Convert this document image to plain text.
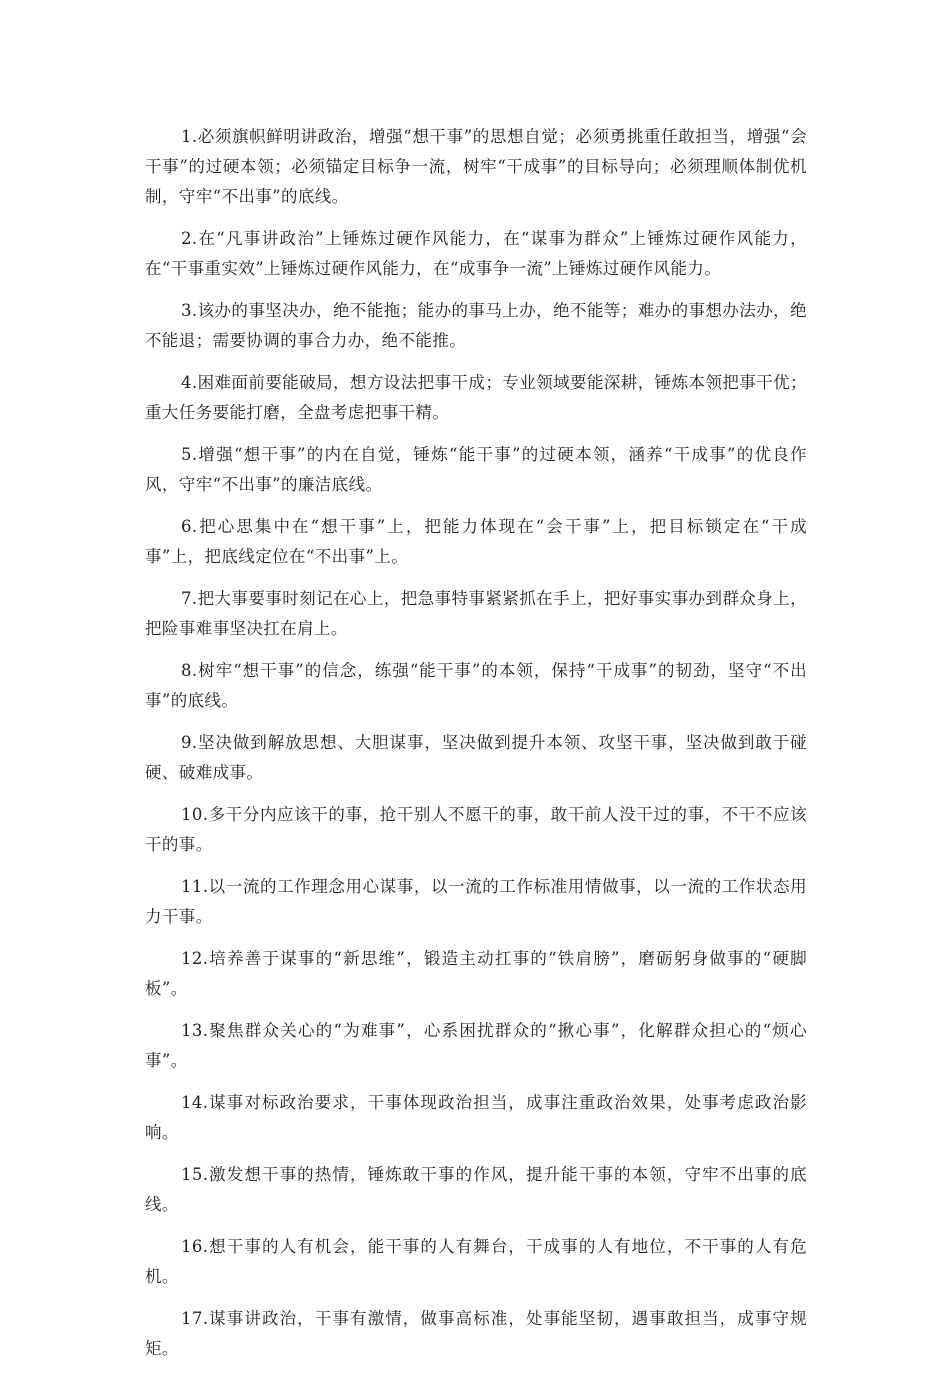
1.必须旗帜鲜明讲政治，增强“想干事”的思想自觉；必须勇挑重任敢担当，增强“会干事”的过硬本领；必须锚定目标争一流，树牢“干成事”的目标导向；必须理顺体制优机制，守牢“不出事”的底线。

2.在“凡事讲政治”上锤炼过硬作风能力，在“谋事为群众”上锤炼过硬作风能力，在“干事重实效”上锤炼过硬作风能力，在“成事争一流”上锤炼过硬作风能力。

3.该办的事坚决办，绝不能拖；能办的事马上办，绝不能等；难办的事想办法办，绝不能退；需要协调的事合力办，绝不能推。

4.困难面前要能破局，想方设法把事干成；专业领域要能深耕，锤炼本领把事干优；重大任务要能打磨，全盘考虑把事干精。

5.增强“想干事”的内在自觉，锤炼“能干事”的过硬本领，涵养“干成事”的优良作风，守牢“不出事”的廉洁底线。

6.把心思集中在“想干事”上，把能力体现在“会干事”上，把目标锁定在“干成事”上，把底线定位在“不出事”上。

7.把大事要事时刻记在心上，把急事特事紧紧抓在手上，把好事实事办到群众身上，把险事难事坚决扛在肩上。

8.树牢“想干事”的信念，练强“能干事”的本领，保持“干成事”的韧劲，坚守“不出事”的底线。

9.坚决做到解放思想、大胆谋事，坚决做到提升本领、攻坚干事，坚决做到敢于碰硬、破难成事。

10.多干分内应该干的事，抢干别人不愿干的事，敢干前人没干过的事，不干不应该干的事。

11.以一流的工作理念用心谋事，以一流的工作标准用情做事，以一流的工作状态用力干事。

12.培养善于谋事的“新思维”，锻造主动扛事的“铁肩膀”，磨砺躬身做事的“硬脚板”。

13.聚焦群众关心的“为难事”，心系困扰群众的“揪心事”，化解群众担心的“烦心事”。

14.谋事对标政治要求，干事体现政治担当，成事注重政治效果，处事考虑政治影响。

15.激发想干事的热情，锤炼敢干事的作风，提升能干事的本领，守牢不出事的底线。

16.想干事的人有机会，能干事的人有舞台，干成事的人有地位，不干事的人有危机。

17.谋事讲政治，干事有激情，做事高标准，处事能坚韧，遇事敢担当，成事守规矩。
